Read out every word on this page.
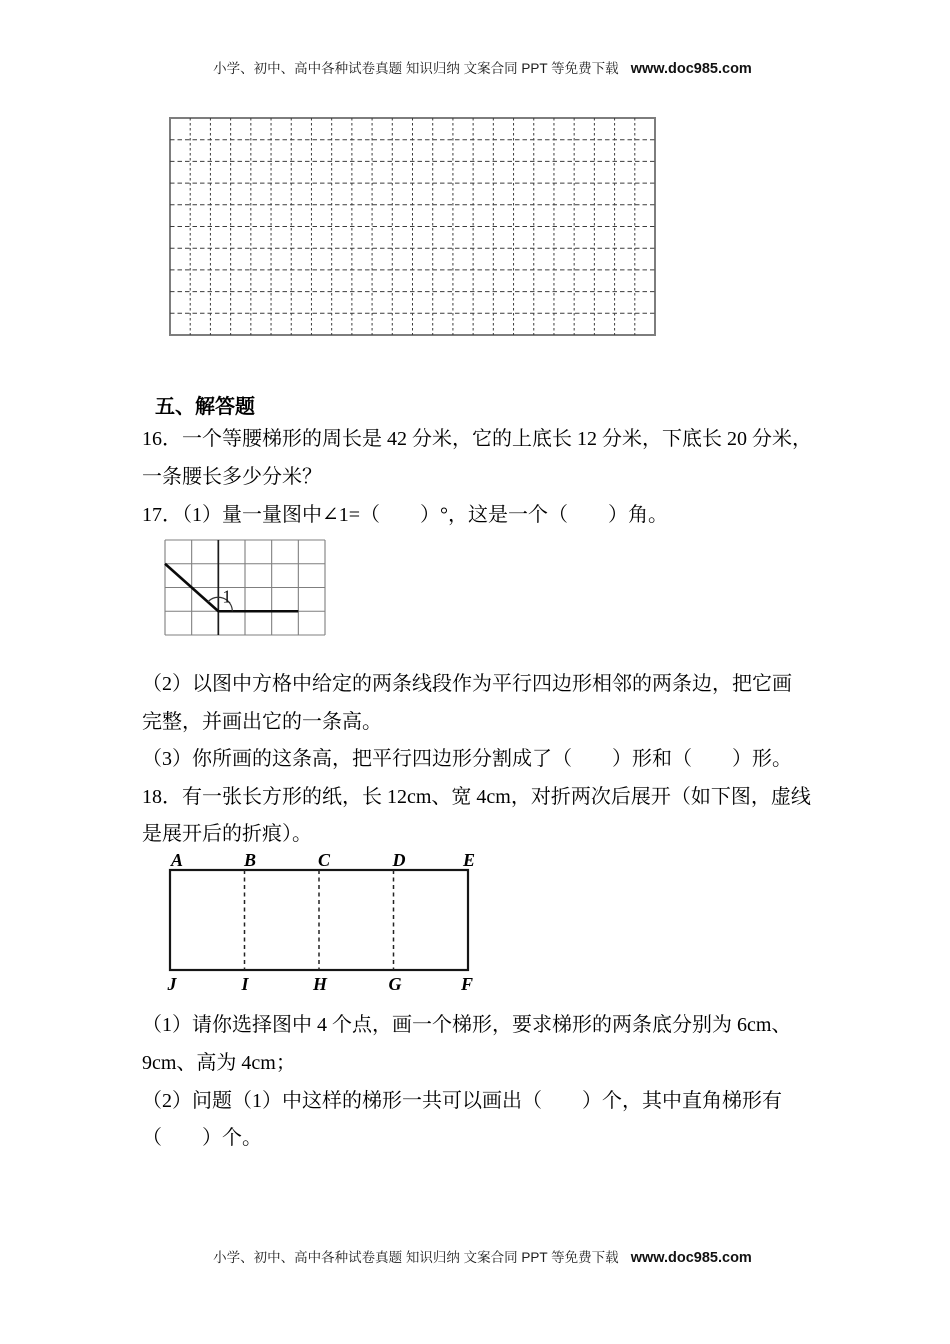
小学、初中、高中各种试卷真题 知识归纳 文案合同 PPT 等免费下载 www.doc985.com

五、解答题
16．一个等腰梯形的周长是 42 分米，它的上底长 12 分米，下底长 20 分米，
一条腰长多少分米？
17．（1）量一量图中∠1=（　　）°，这是一个（　　）角。
1
（2）以图中方格中给定的两条线段作为平行四边形相邻的两条边，把它画
完整，并画出它的一条高。
（3）你所画的这条高，把平行四边形分割成了（　　）形和（　　）形。
18．有一张长方形的纸，长 12cm、宽 4cm，对折两次后展开（如下图，虚线
是展开后的折痕）。
A	B	C	D	E
J	I	H	G	F
（1）请你选择图中 4 个点，画一个梯形，要求梯形的两条底分别为 6cm、
9cm、高为 4cm；
（2）问题（1）中这样的梯形一共可以画出（　　）个，其中直角梯形有
（　　）个。

小学、初中、高中各种试卷真题 知识归纳 文案合同 PPT 等免费下载 www.doc985.com
